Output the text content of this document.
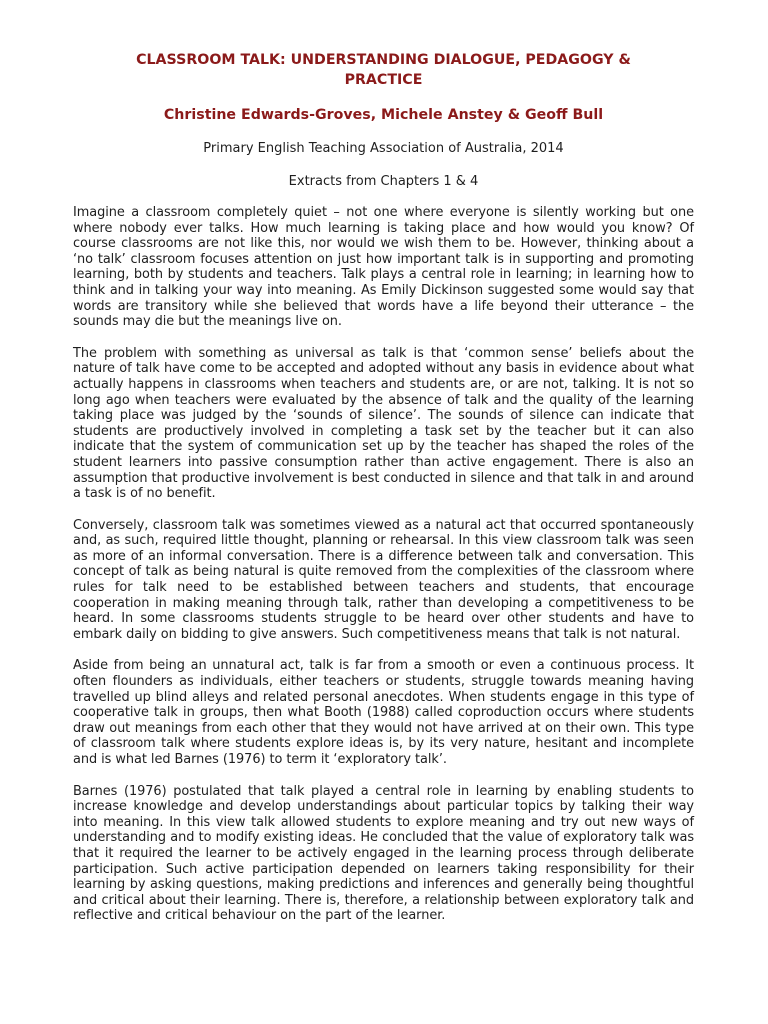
CLASSROOM TALK: UNDERSTANDING DIALOGUE, PEDAGOGY & PRACTICE

Christine Edwards-Groves, Michele Anstey & Geoff Bull

Primary English Teaching Association of Australia, 2014

Extracts from Chapters 1 & 4

Imagine a classroom completely quiet – not one where everyone is silently working but one where nobody ever talks. How much learning is taking place and how would you know? Of course classrooms are not like this, nor would we wish them to be. However, thinking about a ‘no talk’ classroom focuses attention on just how important talk is in supporting and promoting learning, both by students and teachers. Talk plays a central role in learning; in learning how to think and in talking your way into meaning. As Emily Dickinson suggested some would say that words are transitory while she believed that words have a life beyond their utterance – the sounds may die but the meanings live on.

The problem with something as universal as talk is that ‘common sense’ beliefs about the nature of talk have come to be accepted and adopted without any basis in evidence about what actually happens in classrooms when teachers and students are, or are not, talking. It is not so long ago when teachers were evaluated by the absence of talk and the quality of the learning taking place was judged by the ‘sounds of silence’. The sounds of silence can indicate that students are productively involved in completing a task set by the teacher but it can also indicate that the system of communication set up by the teacher has shaped the roles of the student learners into passive consumption rather than active engagement. There is also an assumption that productive involvement is best conducted in silence and that talk in and around a task is of no benefit.

Conversely, classroom talk was sometimes viewed as a natural act that occurred spontaneously and, as such, required little thought, planning or rehearsal. In this view classroom talk was seen as more of an informal conversation. There is a difference between talk and conversation. This concept of talk as being natural is quite removed from the complexities of the classroom where rules for talk need to be established between teachers and students, that encourage cooperation in making meaning through talk, rather than developing a competitiveness to be heard. In some classrooms students struggle to be heard over other students and have to embark daily on bidding to give answers. Such competitiveness means that talk is not natural.

Aside from being an unnatural act, talk is far from a smooth or even a continuous process. It often flounders as individuals, either teachers or students, struggle towards meaning having travelled up blind alleys and related personal anecdotes. When students engage in this type of cooperative talk in groups, then what Booth (1988) called coproduction occurs where students draw out meanings from each other that they would not have arrived at on their own. This type of classroom talk where students explore ideas is, by its very nature, hesitant and incomplete and is what led Barnes (1976) to term it ‘exploratory talk’.

Barnes (1976) postulated that talk played a central role in learning by enabling students to increase knowledge and develop understandings about particular topics by talking their way into meaning. In this view talk allowed students to explore meaning and try out new ways of understanding and to modify existing ideas. He concluded that the value of exploratory talk was that it required the learner to be actively engaged in the learning process through deliberate participation. Such active participation depended on learners taking responsibility for their learning by asking questions, making predictions and inferences and generally being thoughtful and critical about their learning. There is, therefore, a relationship between exploratory talk and reflective and critical behaviour on the part of the learner.
